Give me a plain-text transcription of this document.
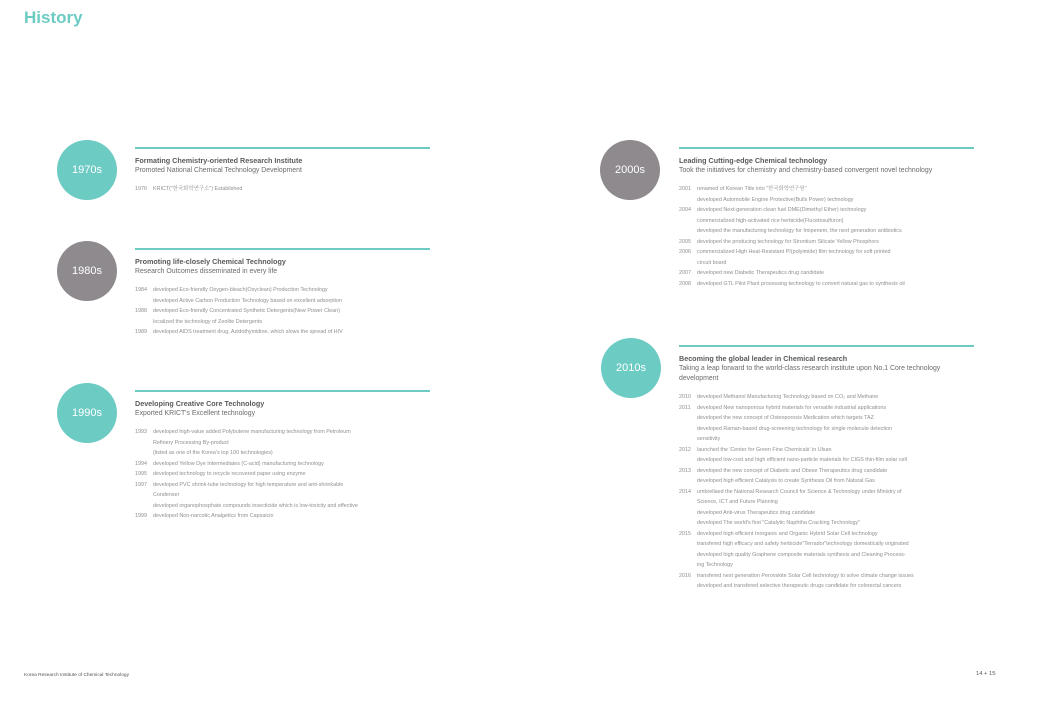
History
1970s
Formating Chemistry-oriented Research Institute
Promoted National Chemical Technology Development
1976	KRICT("한국화학연구소") Established
1980s
Promoting life-closely Chemical Technology
Research Outcomes disseminated in every life
1984	developed Eco-friendly Oxygen-bleach(Oxyclean) Production Technology
developed Active Carbon Production Technology based on excellent adsorption
1988	developed Eco-friendly Concentrated Synthetic Detergents(New Power Clean)
localized the technology of Zeolite Detergents
1989	developed AIDS treatment drug, Azidothymidine, which slows the spread of HIV
1990s
Developing Creative Core Technology
Exported KRICT's Excellent technology
1993	developed high-value added Polybutene manufacturing technology from Petroleum
Refinery Processing By-product
(listed as one of the Korea's top 100 technologies)
1994	developed Yellow Dye Intermediates (C-acid) manufacturing technology
1995	developed technology to recycle recovered paper using enzyme
1997	developed PVC shrink-tube technology for high temperature and anti-shrinkable
Condenser
developed organophosphate compounds insecticide which is low-toxicity and effective
1999	developed Non-narcotic Analgetics from Capsaicin
2000s
Leading Cutting-edge Chemical technology
Took the initiatives for chemistry and chemistry-based convergent novel technology
2001	renamed of Korean Title into "한국화학연구원"
developed Automobile Engine Protective(Bulls Power) technology
2004	developed Next-generation clean fuel DME(Dimethyl Ether) technology
commercialized high-activated rice herbicide(Flucetosulfuron)
developed the manufacturing technology for Imipenem, the next generation antibiotics
2005	developed the producing technology for Strontium Silicate Yellow Phosphors
2006	commercialized High Heat-Resistant PI(polyimide) film technology for soft printed
circuit board
2007	developed new Diabetic Therapeutics drug candidate
2008	developed GTL Pilot Plant processing technology to convert natural gas to synthesis oil
2010s
Becoming the global leader in Chemical research
Taking a leap forward to the world-class research institute upon No.1 Core technology development
2010	developed Methanol Manufacturing Technology based on CO₂ and Methane
2011	developed New nanoporous hybrid materials for versatile industrial applications
developed the new concept of Osteoporosis Medication which targets TAZ
developed Raman-based drug-screening technology for single molecule detection
sensitivity
2012	launched the 'Center for Green Fine Chemicals' in Ulsan
developed low-cost and high efficient nano-particle materials for CIGS thin-film solar cell
2013	developed the new concept of Diabetic and Obese Therapeutics drug candidate
developed high efficient Catalysis to create Synthesis Oil from Natural Gas
2014	umbrellaed the National Research Council for Science & Technology under Ministry of
Science, ICT and Future Planning
developed Anti-virus Therapeutics drug candidate
developed The world's first "Catalytic Naphtha Cracking Technology"
2015	developed high efficient Inorganic and Organic Hybrid Solar Cell technology
transfered high efficacy and safety herbicide"Terrador"technology domestically originated
developed high quality Graphene composite materials synthesis and Cleaning Process-
ing Technology
2016	transfered next generation Perovskite Solar Cell technology to solve climate change issues
developed and transfered selective therapeutic drugs candidate for colorectal cancers
Korea Research Institute of Chemical Technology	14 + 15
